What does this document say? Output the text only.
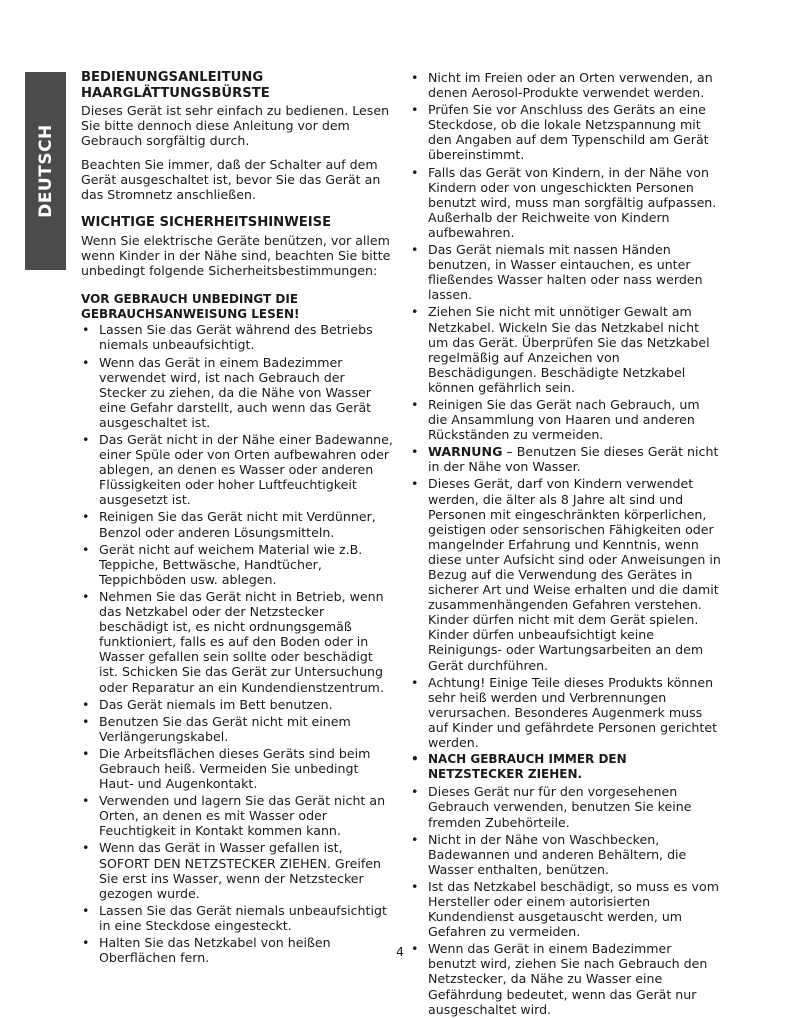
DEUTSCH
BEDIENUNGSANLEITUNG
HAARGLÄTTUNGSBÜRSTE

Dieses Gerät ist sehr einfach zu bedienen. Lesen Sie bitte dennoch diese Anleitung vor dem Gebrauch sorgfältig durch.

Beachten Sie immer, daß der Schalter auf dem Gerät ausgeschaltet ist, bevor Sie das Gerät an das Stromnetz anschließen.

WICHTIGE SICHERHEITSHINWEISE

Wenn Sie elektrische Geräte benützen, vor allem wenn Kinder in der Nähe sind, beachten Sie bitte unbedingt folgende Sicherheitsbestimmungen:

VOR GEBRAUCH UNBEDINGT DIE GEBRAUCHSANWEISUNG LESEN!
• Lassen Sie das Gerät während des Betriebs niemals unbeaufsichtigt.
• Wenn das Gerät in einem Badezimmer verwendet wird, ist nach Gebrauch der Stecker zu ziehen, da die Nähe von Wasser eine Gefahr darstellt, auch wenn das Gerät ausgeschaltet ist.
• Das Gerät nicht in der Nähe einer Badewanne, einer Spüle oder von Orten aufbewahren oder ablegen, an denen es Wasser oder anderen Flüssigkeiten oder hoher Luftfeuchtigkeit ausgesetzt ist.
• Reinigen Sie das Gerät nicht mit Verdünner, Benzol oder anderen Lösungsmitteln.
• Gerät nicht auf weichem Material wie z.B. Teppiche, Bettwäsche, Handtücher, Teppichböden usw. ablegen.
• Nehmen Sie das Gerät nicht in Betrieb, wenn das Netzkabel oder der Netzstecker beschädigt ist, es nicht ordnungsgemäß funktioniert, falls es auf den Boden oder in Wasser gefallen sein sollte oder beschädigt ist. Schicken Sie das Gerät zur Untersuchung oder Reparatur an ein Kundendienstzentrum.
• Das Gerät niemals im Bett benutzen.
• Benutzen Sie das Gerät nicht mit einem Verlängerungskabel.
• Die Arbeitsflächen dieses Geräts sind beim Gebrauch heiß. Vermeiden Sie unbedingt Haut- und Augenkontakt.
• Verwenden und lagern Sie das Gerät nicht an Orten, an denen es mit Wasser oder Feuchtigkeit in Kontakt kommen kann.
• Wenn das Gerät in Wasser gefallen ist, SOFORT DEN NETZSTECKER ZIEHEN. Greifen Sie erst ins Wasser, wenn der Netzstecker gezogen wurde.
• Lassen Sie das Gerät niemals unbeaufsichtigt in eine Steckdose eingesteckt.
• Halten Sie das Netzkabel von heißen Oberflächen fern.
• Nicht im Freien oder an Orten verwenden, an denen Aerosol-Produkte verwendet werden.
• Prüfen Sie vor Anschluss des Geräts an eine Steckdose, ob die lokale Netzspannung mit den Angaben auf dem Typenschild am Gerät übereinstimmt.
• Falls das Gerät von Kindern, in der Nähe von Kindern oder von ungeschickten Personen benutzt wird, muss man sorgfältig aufpassen. Außerhalb der Reichweite von Kindern aufbewahren.
• Das Gerät niemals mit nassen Händen benutzen, in Wasser eintauchen, es unter fließendes Wasser halten oder nass werden lassen.
• Ziehen Sie nicht mit unnötiger Gewalt am Netzkabel. Wickeln Sie das Netzkabel nicht um das Gerät. Überprüfen Sie das Netzkabel regelmäßig auf Anzeichen von Beschädigungen. Beschädigte Netzkabel können gefährlich sein.
• Reinigen Sie das Gerät nach Gebrauch, um die Ansammlung von Haaren und anderen Rückständen zu vermeiden.
• WARNUNG – Benutzen Sie dieses Gerät nicht in der Nähe von Wasser.
• Dieses Gerät, darf von Kindern verwendet werden, die älter als 8 Jahre alt sind und Personen mit eingeschränkten körperlichen, geistigen oder sensorischen Fähigkeiten oder mangelnder Erfahrung und Kenntnis, wenn diese unter Aufsicht sind oder Anweisungen in Bezug auf die Verwendung des Gerätes in sicherer Art und Weise erhalten und die damit zusammenhängenden Gefahren verstehen. Kinder dürfen nicht mit dem Gerät spielen. Kinder dürfen unbeaufsichtigt keine Reinigungs- oder Wartungsarbeiten an dem Gerät durchführen.
• Achtung! Einige Teile dieses Produkts können sehr heiß werden und Verbrennungen verursachen. Besonderes Augenmerk muss auf Kinder und gefährdete Personen gerichtet werden.
• NACH GEBRAUCH IMMER DEN NETZSTECKER ZIEHEN.
• Dieses Gerät nur für den vorgesehenen Gebrauch verwenden, benutzen Sie keine fremden Zubehörteile.
• Nicht in der Nähe von Waschbecken, Badewannen und anderen Behältern, die Wasser enthalten, benützen.
• Ist das Netzkabel beschädigt, so muss es vom Hersteller oder einem autorisierten Kundendienst ausgetauscht werden, um Gefahren zu vermeiden.
• Wenn das Gerät in einem Badezimmer benutzt wird, ziehen Sie nach Gebrauch den Netzstecker, da Nähe zu Wasser eine Gefährdung bedeutet, wenn das Gerät nur ausgeschaltet wird.
4
